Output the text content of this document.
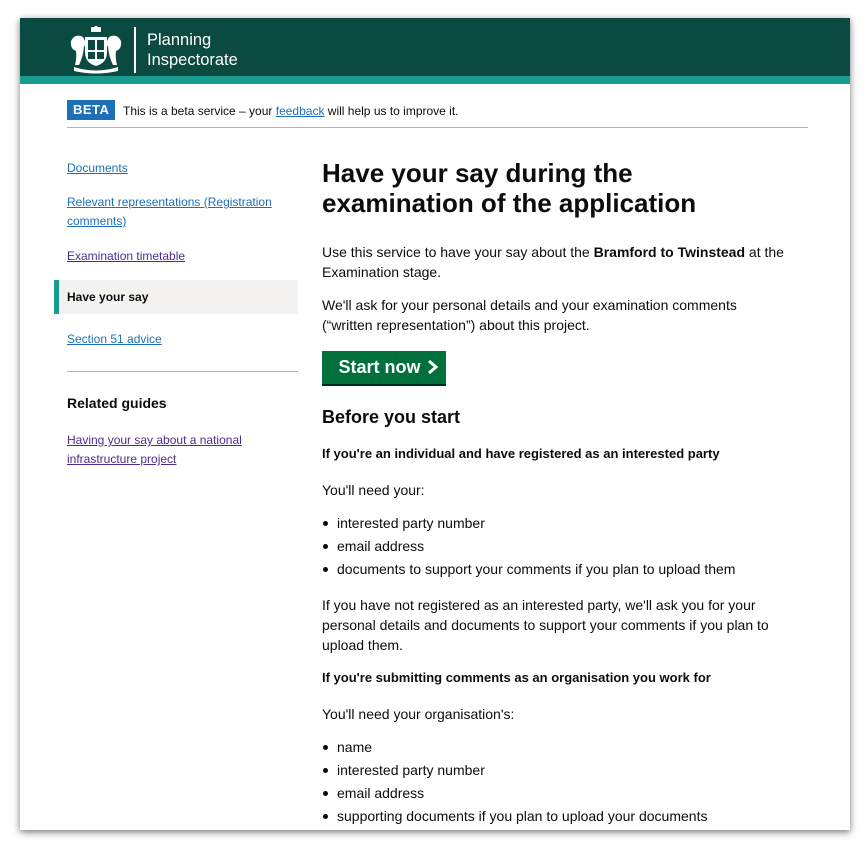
Planning
Inspectorate
BETA	This is a beta service – your feedback will help us to improve it.
Documents
Relevant representations (Registration
comments)
Examination timetable
Have your say
Section 51 advice
Related guides
Having your say about a national
infrastructure project
Have your say during the
examination of the application
Use this service to have your say about the Bramford to Twinstead at the
Examination stage.
We'll ask for your personal details and your examination comments
(“written representation”) about this project.
Start now
Before you start
If you're an individual and have registered as an interested party
You'll need your:
interested party number
email address
documents to support your comments if you plan to upload them
If you have not registered as an interested party, we'll ask you for your
personal details and documents to support your comments if you plan to
upload them.
If you're submitting comments as an organisation you work for
You'll need your organisation's:
name
interested party number
email address
supporting documents if you plan to upload your documents
